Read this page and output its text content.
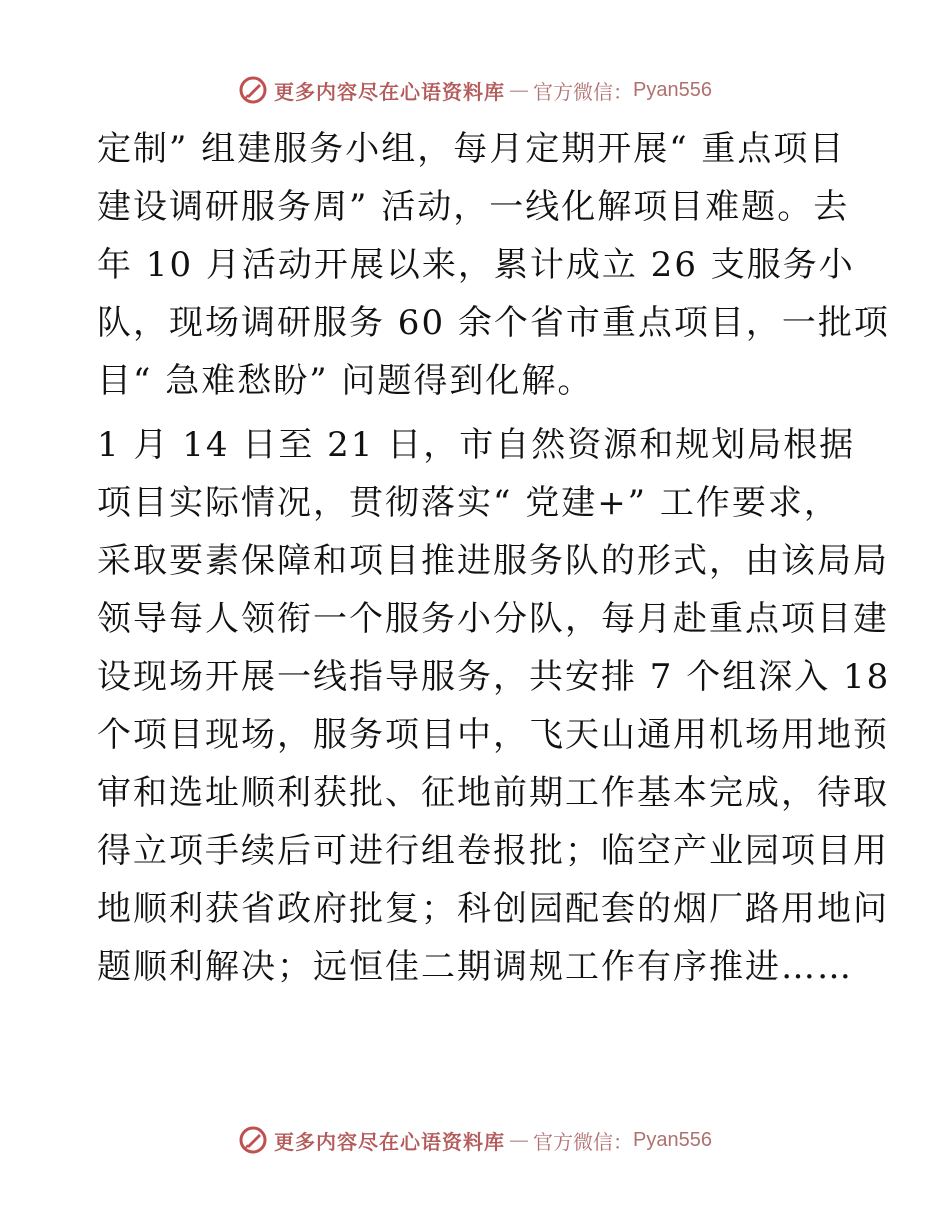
更多内容尽在心语资料库 — 官方微信： Pyan556
定制” 组建服务小组，每月定期开展“ 重点项目
建设调研服务周” 活动，一线化解项目难题。去
年 10 月活动开展以来，累计成立 26 支服务小
队，现场调研服务 60 余个省市重点项目，一批项
目“ 急难愁盼” 问题得到化解。
1 月 14 日至 21 日，市自然资源和规划局根据
项目实际情况，贯彻落实“ 党建+” 工作要求，
采取要素保障和项目推进服务队的形式，由该局局
领导每人领衔一个服务小分队，每月赴重点项目建
设现场开展一线指导服务，共安排 7 个组深入 18
个项目现场，服务项目中，飞天山通用机场用地预
审和选址顺利获批、征地前期工作基本完成，待取
得立项手续后可进行组卷报批；临空产业园项目用
地顺利获省政府批复；科创园配套的烟厂路用地问
题顺利解决；远恒佳二期调规工作有序推进……
更多内容尽在心语资料库 — 官方微信： Pyan556
